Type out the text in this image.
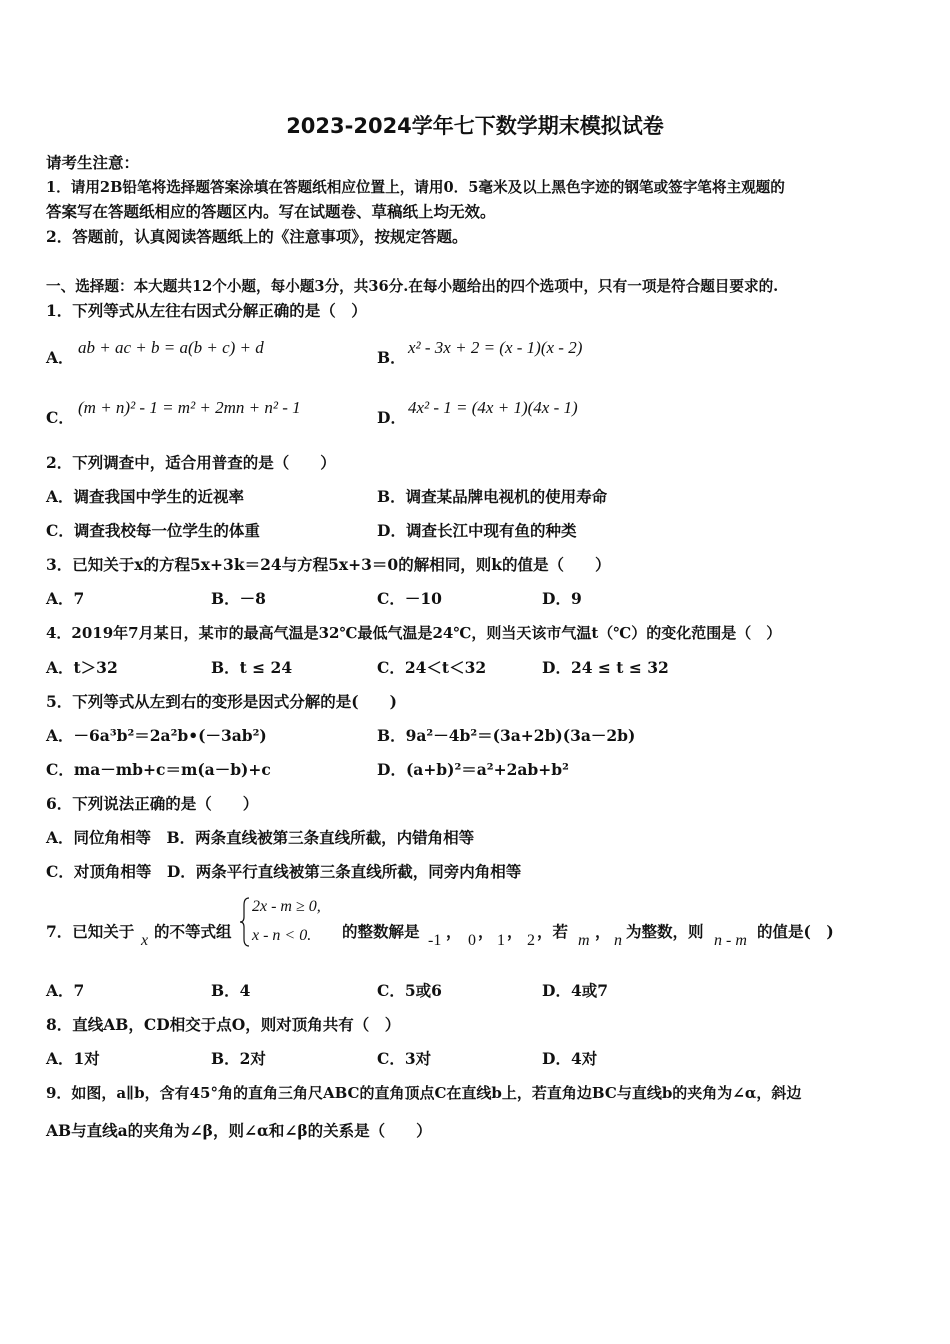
2023-2024学年七下数学期末模拟试卷
请考生注意：
1．请用2B铅笔将选择题答案涂填在答题纸相应位置上，请用0．5毫米及以上黑色字迹的钢笔或签字笔将主观题的
答案写在答题纸相应的答题区内。写在试题卷、草稿纸上均无效。
2．答题前，认真阅读答题纸上的《注意事项》，按规定答题。
一、选择题：本大题共12个小题，每小题3分，共36分.在每小题给出的四个选项中，只有一项是符合题目要求的.
1．下列等式从左往右因式分解正确的是（　）
A．
ab + ac + b = a(b + c) + d
B．
x² - 3x + 2 = (x - 1)(x - 2)
C．
(m + n)² - 1 = m² + 2mn + n² - 1
D．
4x² - 1 = (4x + 1)(4x - 1)
2．下列调查中，适合用普查的是（　　）
A．调查我国中学生的近视率	B．调查某品牌电视机的使用寿命
C．调查我校每一位学生的体重	D．调查长江中现有鱼的种类
3．已知关于x的方程5x+3k＝24与方程5x+3＝0的解相同，则k的值是（　　）
A．7	B．－8	C．－10	D．9
4．2019年7月某日，某市的最高气温是32℃最低气温是24℃，则当天该市气温t（℃）的变化范围是（　）
A．t＞32	B．t ≤ 24	C．24＜t＜32	D．24 ≤ t ≤ 32
5．下列等式从左到右的变形是因式分解的是(　　)
A．－6a³b²＝2a²b•(－3ab²)	B．9a²－4b²＝(3a+2b)(3a－2b)
C．ma－mb+c＝m(a－b)+c	D．(a+b)²＝a²+2ab+b²
6．下列说法正确的是（　　）
A．同位角相等　B．两条直线被第三条直线所截，内错角相等
C．对顶角相等　D．两条平行直线被第三条直线所截，同旁内角相等
7．已知关于 x 的不等式组
2x - m ≥ 0,
x - n < 0. 的整数解是 -1 ， 0 ， 1 ， 2 ，若 m ， n 为整数，则 n - m 的值是(　)
A．7	B．4	C．5或6	D．4或7
8．直线AB，CD相交于点O，则对顶角共有（　）
A．1对	B．2对	C．3对	D．4对
9．如图，a∥b，含有45°角的直角三角尺ABC的直角顶点C在直线b上，若直角边BC与直线b的夹角为∠α，斜边
AB与直线a的夹角为∠β，则∠α和∠β的关系是（　　）
